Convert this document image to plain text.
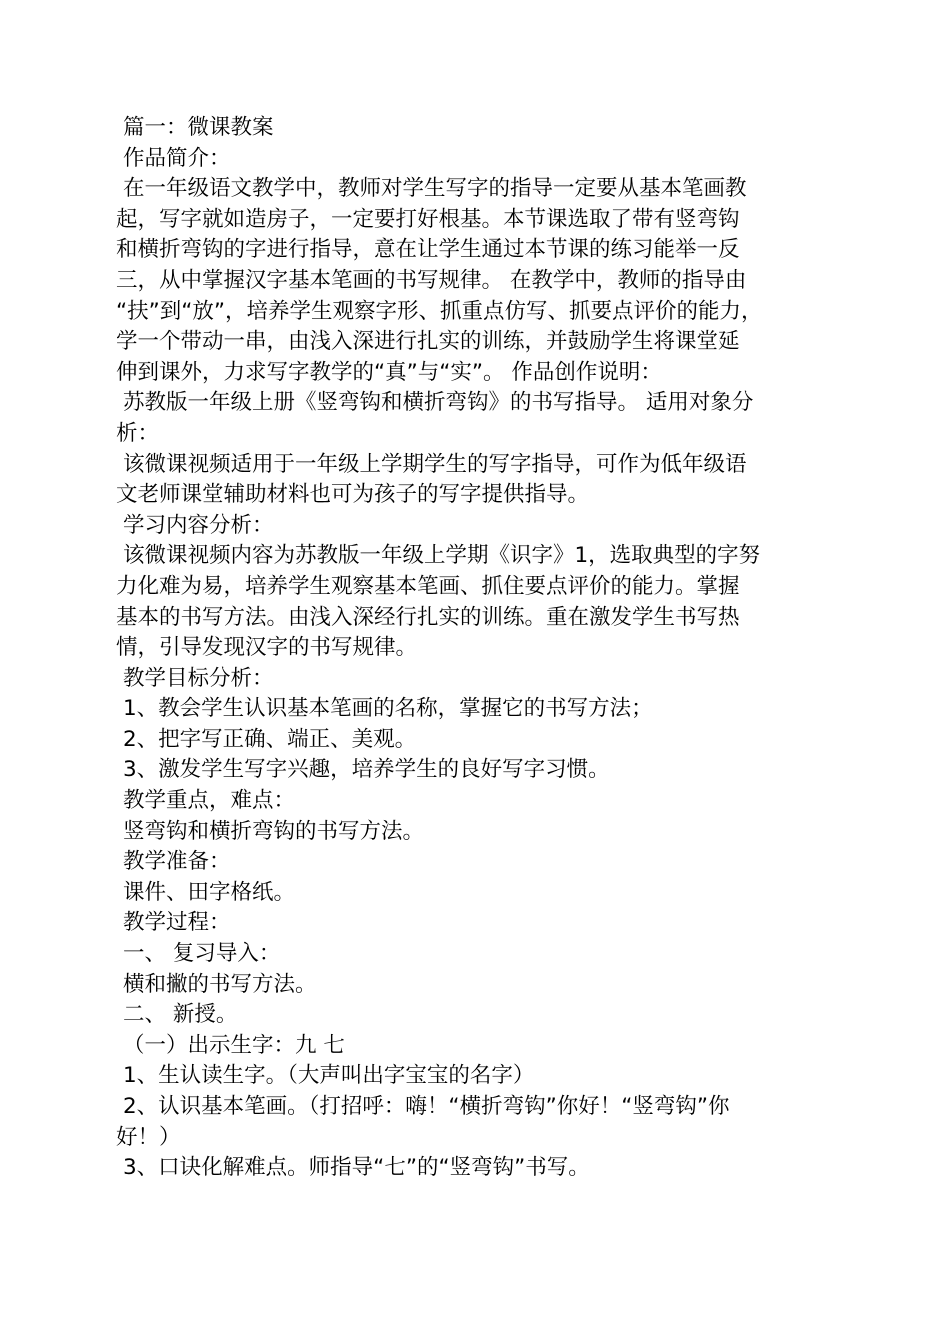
篇一：微课教案
作品简介：
在一年级语文教学中，教师对学生写字的指导一定要从基本笔画教
起，写字就如造房子，一定要打好根基。本节课选取了带有竖弯钩
和横折弯钩的字进行指导，意在让学生通过本节课的练习能举一反
三，从中掌握汉字基本笔画的书写规律。 在教学中，教师的指导由
“扶”到“放”，培养学生观察字形、抓重点仿写、抓要点评价的能力，
学一个带动一串，由浅入深进行扎实的训练，并鼓励学生将课堂延
伸到课外，力求写字教学的“真”与“实”。 作品创作说明：
苏教版一年级上册《竖弯钩和横折弯钩》的书写指导。 适用对象分
析：
该微课视频适用于一年级上学期学生的写字指导，可作为低年级语
文老师课堂辅助材料也可为孩子的写字提供指导。
学习内容分析：
该微课视频内容为苏教版一年级上学期《识字》1，选取典型的字努
力化难为易，培养学生观察基本笔画、抓住要点评价的能力。掌握
基本的书写方法。由浅入深经行扎实的训练。重在激发学生书写热
情，引导发现汉字的书写规律。
教学目标分析：
1、教会学生认识基本笔画的名称，掌握它的书写方法；
2、把字写正确、端正、美观。
3、激发学生写字兴趣，培养学生的良好写字习惯。
教学重点，难点：
竖弯钩和横折弯钩的书写方法。
教学准备：
课件、田字格纸。
教学过程：
一、 复习导入：
横和撇的书写方法。
二、 新授。
（一）出示生字：九 七
1、生认读生字。（大声叫出字宝宝的名字）
2、认识基本笔画。（打招呼：嗨！“横折弯钩”你好！“竖弯钩”你
好！）
3、口诀化解难点。师指导“七”的“竖弯钩”书写。
